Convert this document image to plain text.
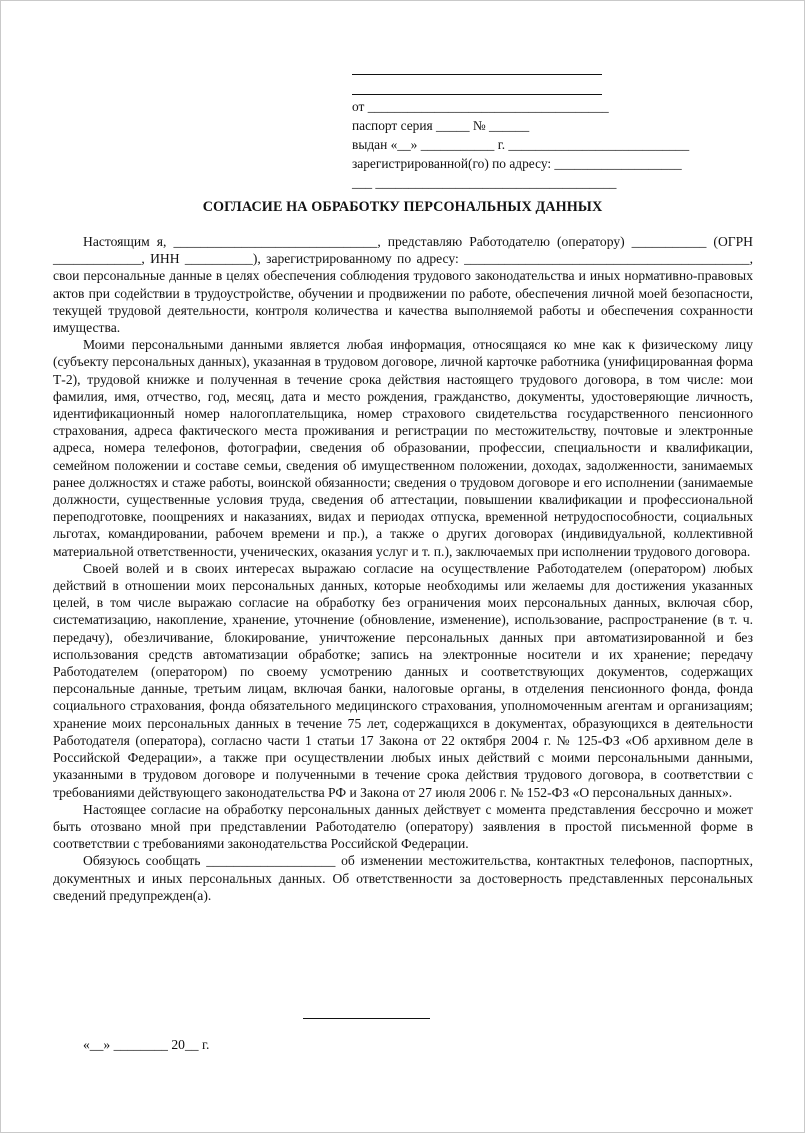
от ____________________________________
паспорт серия _____ № ______
выдан «__» ___________ г. ___________________________
зарегистрированной(го) по адресу: ___________________
___ ____________________________________
СОГЛАСИЕ НА ОБРАБОТКУ ПЕРСОНАЛЬНЫХ ДАННЫХ

Настоящим я, ______________________________, представляю Работодателю (оператору) ___________ (ОГРН _____________, ИНН __________), зарегистрированному по адресу: __________________________________________, свои персональные данные в целях обеспечения соблюдения трудового законодательства и иных нормативно-правовых актов при содействии в трудоустройстве, обучении и продвижении по работе, обеспечения личной моей безопасности, текущей трудовой деятельности, контроля количества и качества выполняемой работы и обеспечения сохранности имущества.

Моими персональными данными является любая информация, относящаяся ко мне как к физическому лицу (субъекту персональных данных), указанная в трудовом договоре, личной карточке работника (унифицированная форма Т-2), трудовой книжке и полученная в течение срока действия настоящего трудового договора, в том числе: мои фамилия, имя, отчество, год, месяц, дата и место рождения, гражданство, документы, удостоверяющие личность, идентификационный номер налогоплательщика, номер страхового свидетельства государственного пенсионного страхования, адреса фактического места проживания и регистрации по местожительству, почтовые и электронные адреса, номера телефонов, фотографии, сведения об образовании, профессии, специальности и квалификации, семейном положении и составе семьи, сведения об имущественном положении, доходах, задолженности, занимаемых ранее должностях и стаже работы, воинской обязанности; сведения о трудовом договоре и его исполнении (занимаемые должности, существенные условия труда, сведения об аттестации, повышении квалификации и профессиональной переподготовке, поощрениях и наказаниях, видах и периодах отпуска, временной нетрудоспособности, социальных льготах, командировании, рабочем времени и пр.), а также о других договорах (индивидуальной, коллективной материальной ответственности, ученических, оказания услуг и т. п.), заключаемых при исполнении трудового договора.

Своей волей и в своих интересах выражаю согласие на осуществление Работодателем (оператором) любых действий в отношении моих персональных данных, которые необходимы или желаемы для достижения указанных целей, в том числе выражаю согласие на обработку без ограничения моих персональных данных, включая сбор, систематизацию, накопление, хранение, уточнение (обновление, изменение), использование, распространение (в т. ч. передачу), обезличивание, блокирование, уничтожение персональных данных при автоматизированной и без использования средств автоматизации обработке; запись на электронные носители и их хранение; передачу Работодателем (оператором) по своему усмотрению данных и соответствующих документов, содержащих персональные данные, третьим лицам, включая банки, налоговые органы, в отделения пенсионного фонда, фонда социального страхования, фонда обязательного медицинского страхования, уполномоченным агентам и организациям; хранение моих персональных данных в течение 75 лет, содержащихся в документах, образующихся в деятельности Работодателя (оператора), согласно части 1 статьи 17 Закона от 22 октября 2004 г. № 125-ФЗ «Об архивном деле в Российской Федерации», а также при осуществлении любых иных действий с моими персональными данными, указанными в трудовом договоре и полученными в течение срока действия трудового договора, в соответствии с требованиями действующего законодательства РФ и Закона от 27 июля 2006 г. № 152-ФЗ «О персональных данных».

Настоящее согласие на обработку персональных данных действует с момента представления бессрочно и может быть отозвано мной при представлении Работодателю (оператору) заявления в простой письменной форме в соответствии с требованиями законодательства Российской Федерации.

Обязуюсь сообщать ___________________ об изменении местожительства, контактных телефонов, паспортных, документных и иных персональных данных. Об ответственности за достоверность представленных персональных сведений предупрежден(а).

«__» ________ 20__ г.
